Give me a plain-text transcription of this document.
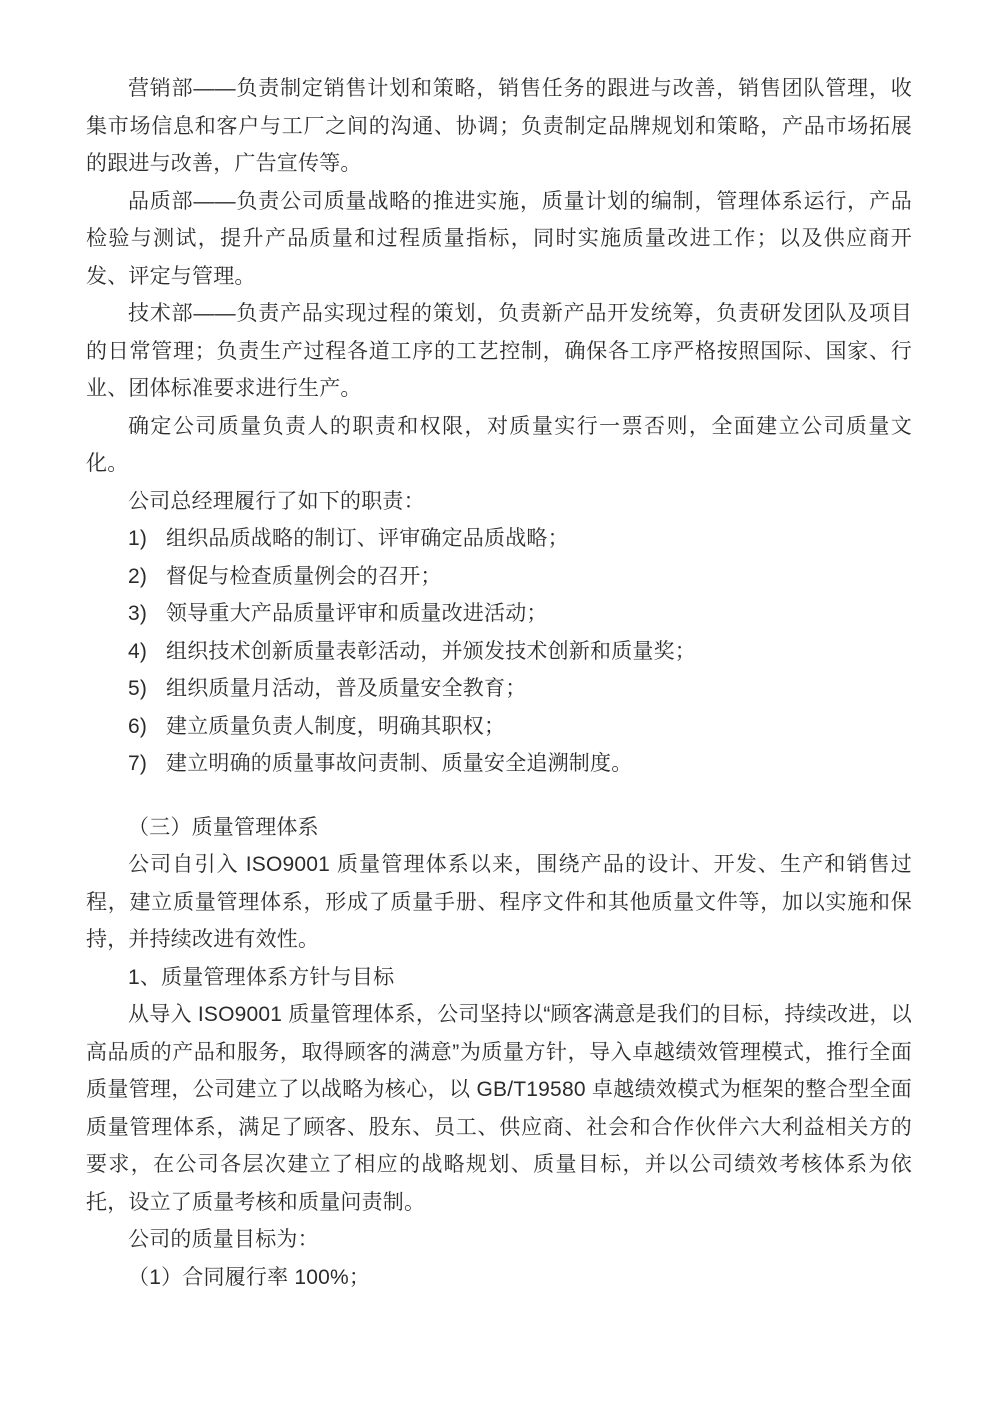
营销部——负责制定销售计划和策略，销售任务的跟进与改善，销售团队管理，收集市场信息和客户与工厂之间的沟通、协调；负责制定品牌规划和策略，产品市场拓展的跟进与改善，广告宣传等。

品质部——负责公司质量战略的推进实施，质量计划的编制，管理体系运行，产品检验与测试，提升产品质量和过程质量指标，同时实施质量改进工作；以及供应商开发、评定与管理。

技术部——负责产品实现过程的策划，负责新产品开发统筹，负责研发团队及项目的日常管理；负责生产过程各道工序的工艺控制，确保各工序严格按照国际、国家、行业、团体标准要求进行生产。

确定公司质量负责人的职责和权限，对质量实行一票否则，全面建立公司质量文化。

公司总经理履行了如下的职责：

1) 组织品质战略的制订、评审确定品质战略；
2) 督促与检查质量例会的召开；
3) 领导重大产品质量评审和质量改进活动；
4) 组织技术创新质量表彰活动，并颁发技术创新和质量奖；
5) 组织质量月活动，普及质量安全教育；
6) 建立质量负责人制度，明确其职权；
7) 建立明确的质量事故问责制、质量安全追溯制度。

（三）质量管理体系

公司自引入 ISO9001 质量管理体系以来，围绕产品的设计、开发、生产和销售过程，建立质量管理体系，形成了质量手册、程序文件和其他质量文件等，加以实施和保持，并持续改进有效性。

1、质量管理体系方针与目标

从导入 ISO9001 质量管理体系，公司坚持以“顾客满意是我们的目标，持续改进，以高品质的产品和服务，取得顾客的满意”为质量方针，导入卓越绩效管理模式，推行全面质量管理，公司建立了以战略为核心，以 GB/T19580 卓越绩效模式为框架的整合型全面质量管理体系，满足了顾客、股东、员工、供应商、社会和合作伙伴六大利益相关方的要求，在公司各层次建立了相应的战略规划、质量目标，并以公司绩效考核体系为依托，设立了质量考核和质量问责制。

公司的质量目标为：

（1）合同履行率 100%；
